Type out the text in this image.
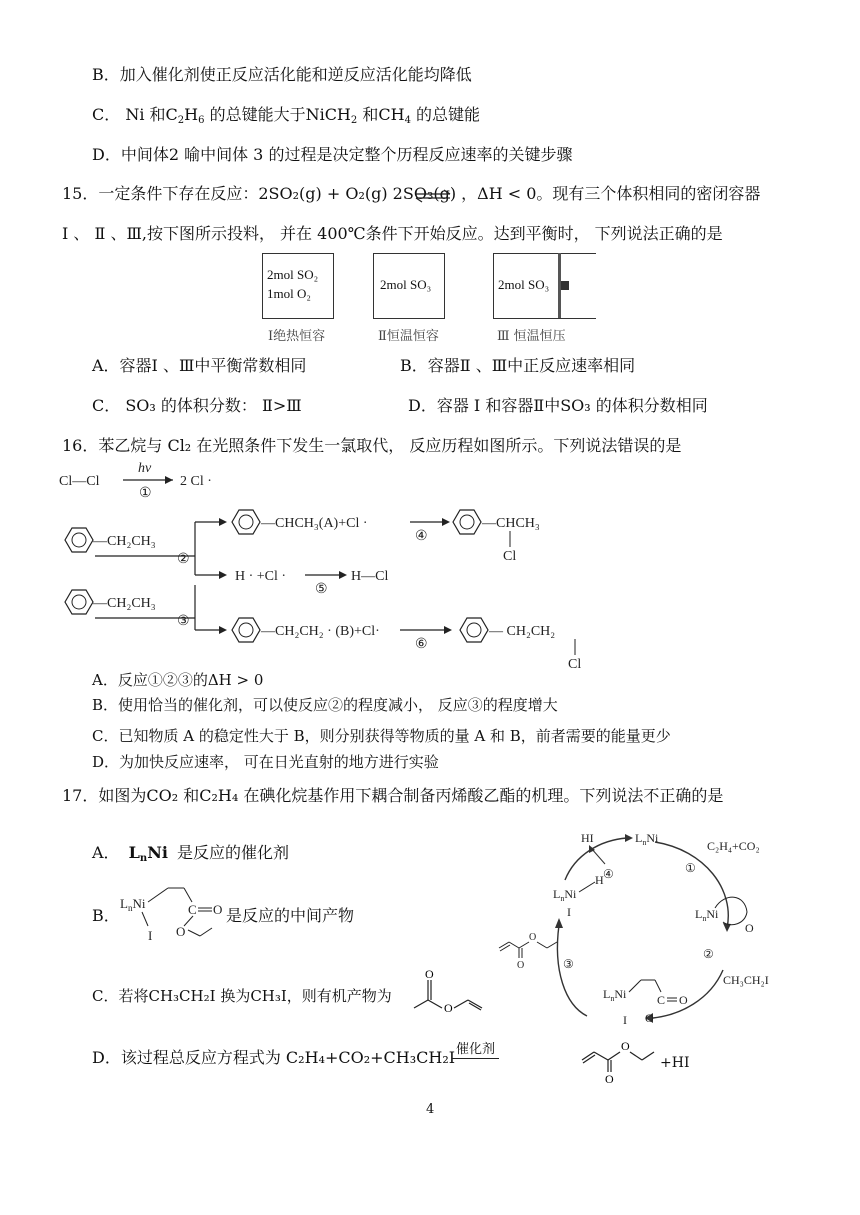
B．加入催化剂使正反应活化能和逆反应活化能均降低
C． Ni 和$C_2H_6$ 的总键能大于NiCH$_2$ 和$CH_4$ 的总键能
D．中间体2 喻中间体 3 的过程是决定整个历程反应速率的关键步骤
15．一定条件下存在反应：2SO₂(g) + O₂(g) 2SO₃(g) ，ΔH < 0。现有三个体积相同的密闭容器
Ⅰ 、 Ⅱ 、Ⅲ,按下图所示投料， 并在 400℃条件下开始反应。达到平衡时， 下列说法正确的是
2mol SO₂
1mol O₂
Ⅰ绝热恒容
2mol SO₃
Ⅱ恒温恒容
2mol SO₃
Ⅲ 恒温恒压
A．容器Ⅰ 、Ⅲ中平衡常数相同	B．容器Ⅱ 、Ⅲ中正反应速率相同
C． SO₃ 的体积分数： Ⅱ>Ⅲ	D．容器 Ⅰ 和容器Ⅱ中SO₃ 的体积分数相同
16．苯乙烷与 Cl₂ 在光照条件下发生一氯取代， 反应历程如图所示。下列说法错误的是
Cl—Cl
hv
①
2 Cl ·
—CH₂CH₃
②
—CHCH₃(A)+Cl ·
④
—CHCH₃
Cl
H · +Cl ·
⑤
H—Cl
—CH₂CH₃
③
—CH₂CH₂ · (B)+Cl·
⑥
— CH₂CH₂
Cl
A．反应①②③的ΔH > 0
B．使用恰当的催化剂，可以使反应②的程度减小， 反应③的程度增大
C．已知物质 A 的稳定性大于 B，则分别获得等物质的量 A 和 B，前者需要的能量更少
D．为加快反应速率， 可在日光直射的地方进行实验
17．如图为CO₂ 和C₂H₄ 在碘化烷基作用下耦合制备丙烯酸乙酯的机理。下列说法不正确的是
A． $L_nNi$ 是反应的催化剂
B．
$L_nNi$	C O
O
I
是反应的中间产物
C．若将CH₃CH₂I 换为CH₃I，则有机产物为
O
O
D．该过程总反应方程式为 C₂H₄+CO₂+CH₃CH₂I 催化剂
O
O
+HI
HI	$L_nNi$
C₂H₄+CO₂
①
④
$L_nNi$
H
I	$L_nNi$
O
②
CH₃CH₂I
③
O
O
$L_nNi$	C O
O
I
4
